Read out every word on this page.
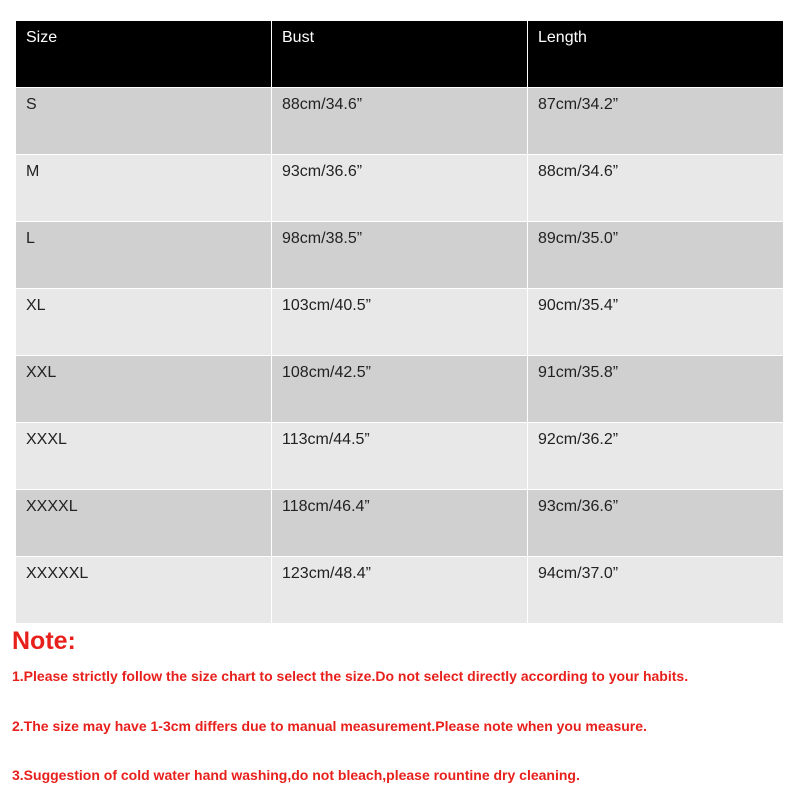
Size	Bust	Length
S	88cm/34.6”	87cm/34.2”
M	93cm/36.6”	88cm/34.6”
L	98cm/38.5”	89cm/35.0”
XL	103cm/40.5”	90cm/35.4”
XXL	108cm/42.5”	91cm/35.8”
XXXL	113cm/44.5”	92cm/36.2”
XXXXL	118cm/46.4”	93cm/36.6”
XXXXXL	123cm/48.4”	94cm/37.0”

Note:

1.Please strictly follow the size chart to select the size.Do not select directly according to your habits.

2.The size may have 1-3cm differs due to manual measurement.Please note when you measure.

3.Suggestion of cold water hand washing,do not bleach,please rountine dry cleaning.
